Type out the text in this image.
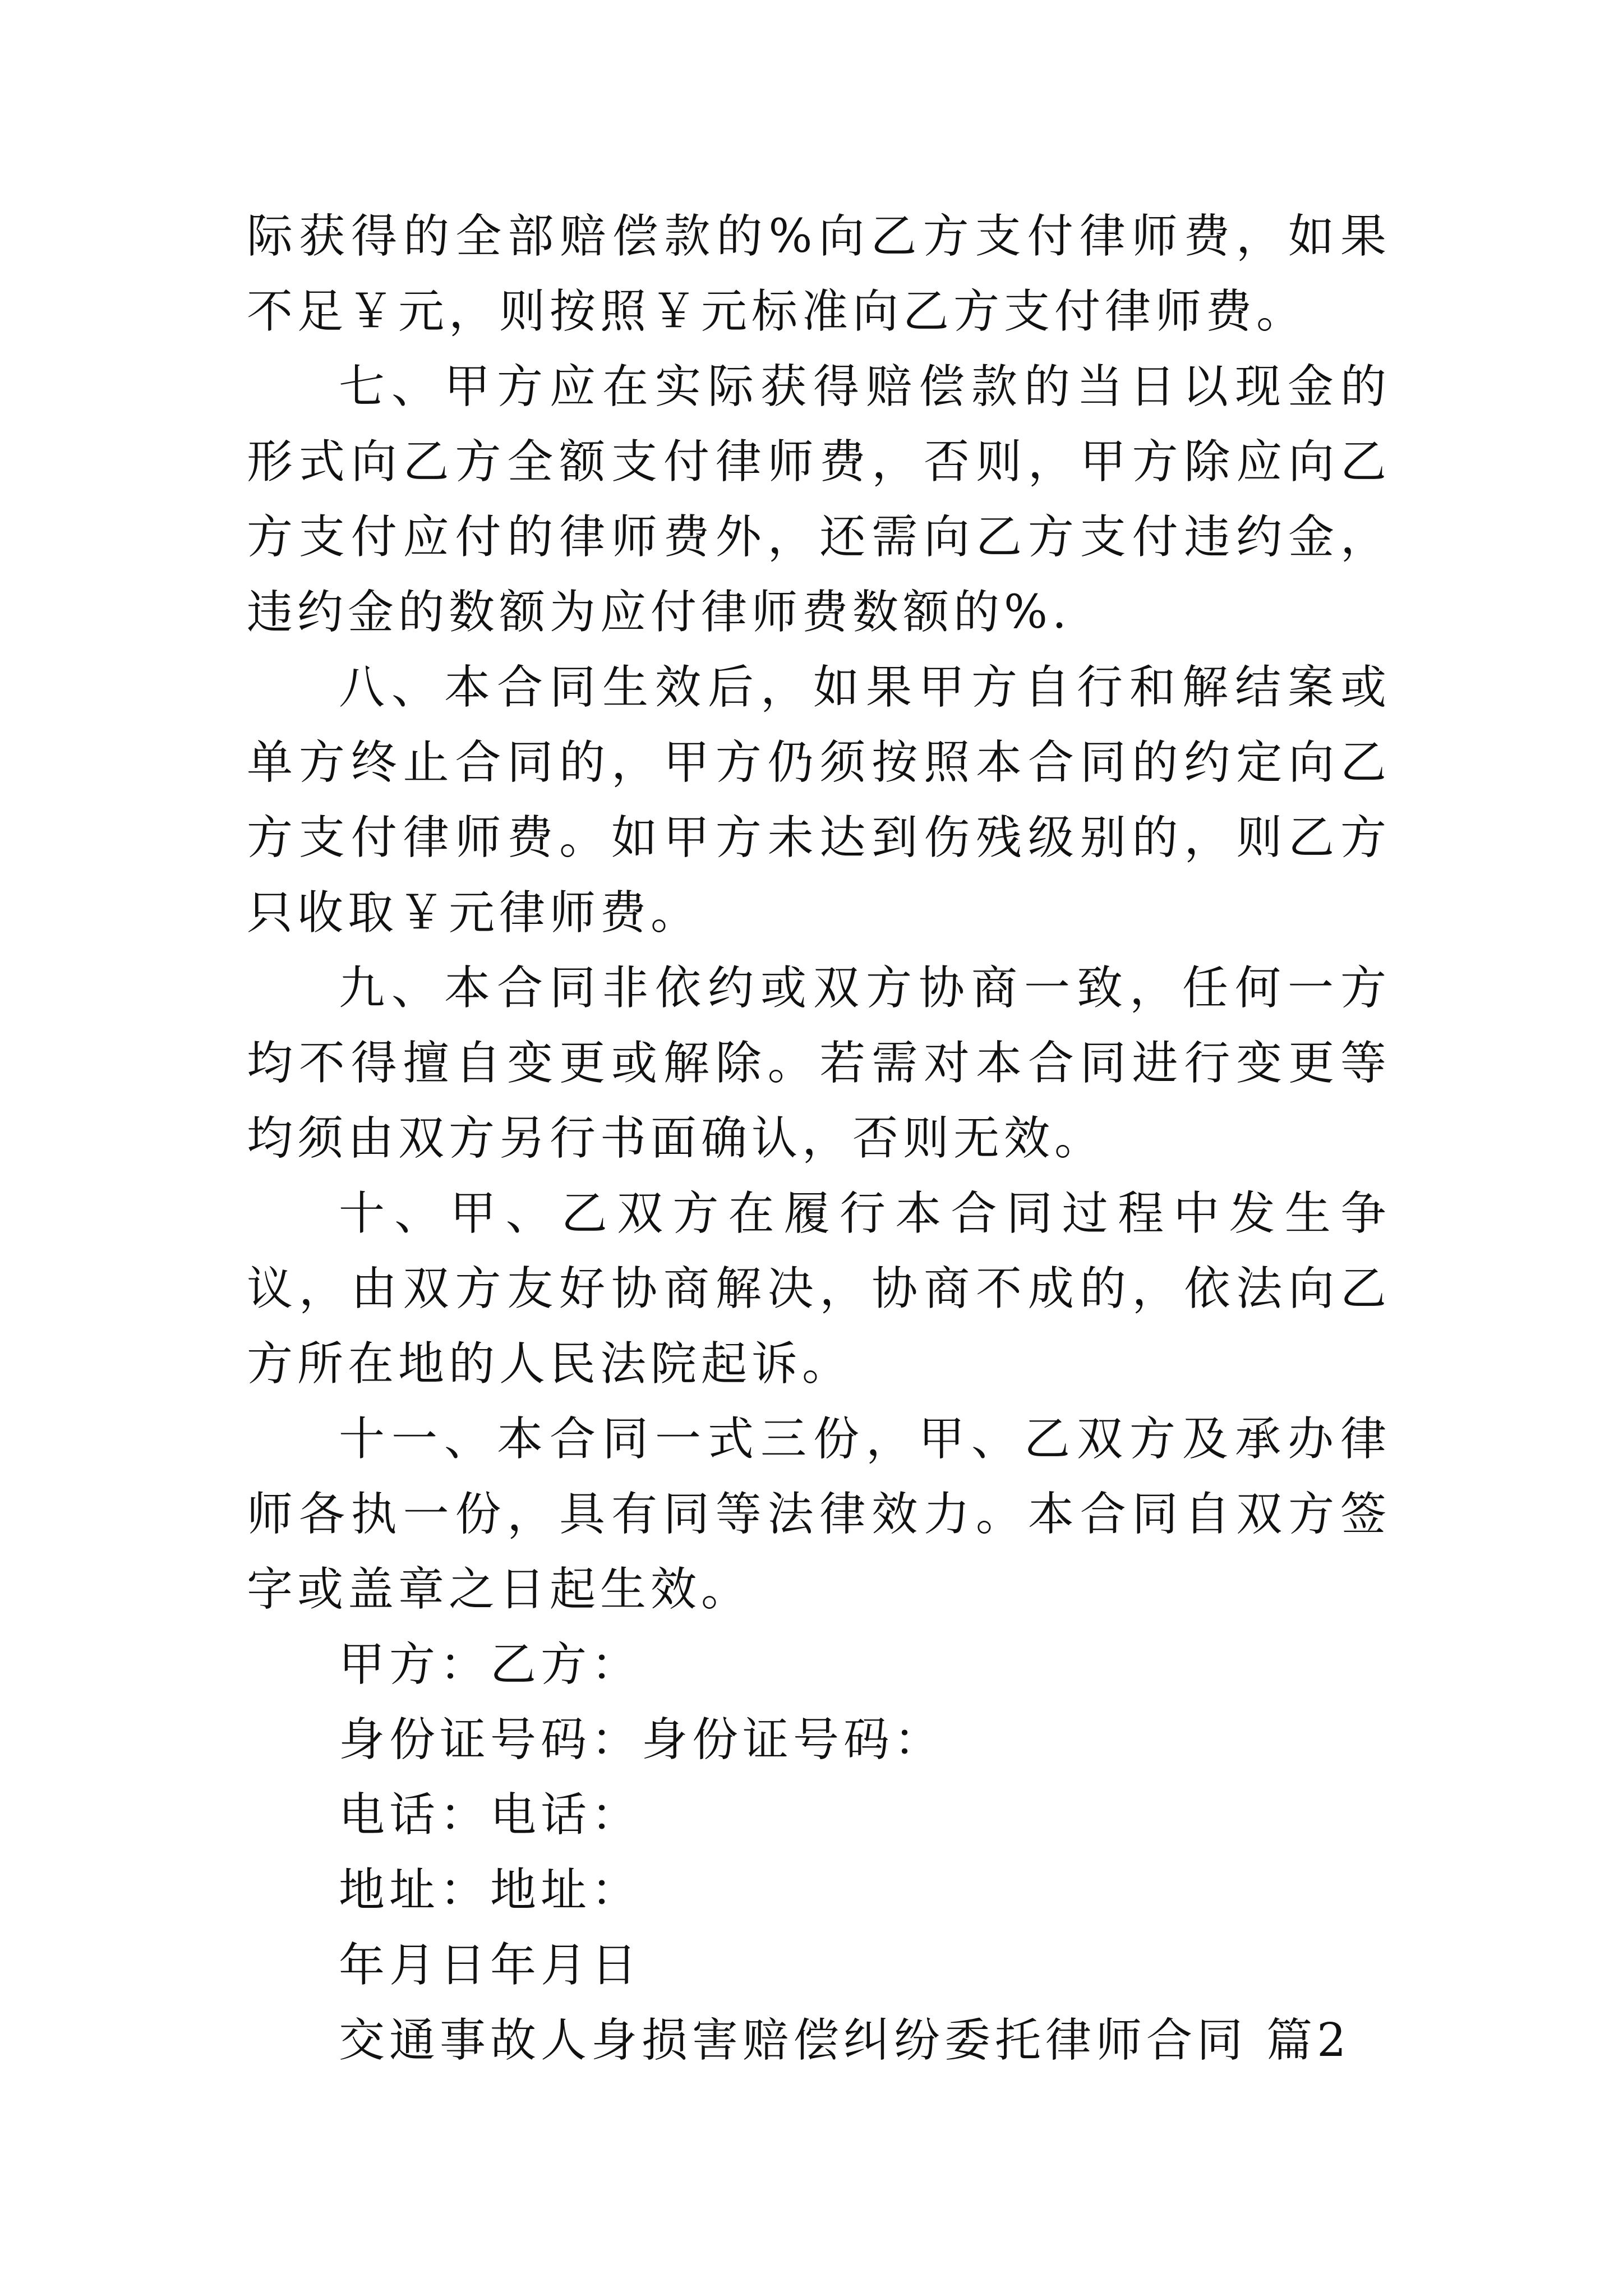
际获得的全部赔偿款的%向乙方支付律师费，如果不足￥元，则按照￥元标准向乙方支付律师费。

七、甲方应在实际获得赔偿款的当日以现金的形式向乙方全额支付律师费，否则，甲方除应向乙方支付应付的律师费外，还需向乙方支付违约金，违约金的数额为应付律师费数额的%.

八、本合同生效后，如果甲方自行和解结案或单方终止合同的，甲方仍须按照本合同的约定向乙方支付律师费。如甲方未达到伤残级别的，则乙方只收取￥元律师费。

九、本合同非依约或双方协商一致，任何一方均不得擅自变更或解除。若需对本合同进行变更等均须由双方另行书面确认，否则无效。

十、甲、乙双方在履行本合同过程中发生争议，由双方友好协商解决，协商不成的，依法向乙方所在地的人民法院起诉。

十一、本合同一式三份，甲、乙双方及承办律师各执一份，具有同等法律效力。本合同自双方签字或盖章之日起生效。

甲方：乙方：

身份证号码：身份证号码：

电话：电话：

地址：地址：

年月日年月日

交通事故人身损害赔偿纠纷委托律师合同 篇2
